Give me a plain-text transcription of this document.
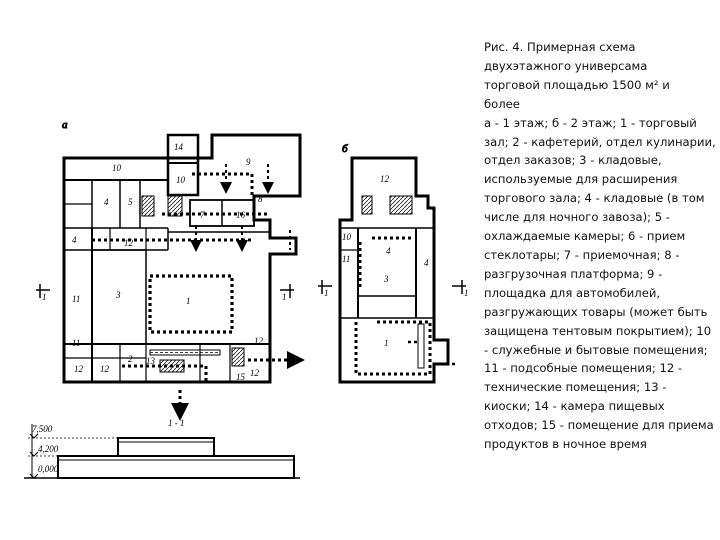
а
10
14
9
10
4 5
7	16
8
4	12
11	3
1
11	12
12 12
2 13
15 12
1	1
1 - 1
б
12
10
11
4
3
4
1
1	1
7,500
4,200
0,000
Рис. 4. Примерная схема
двухэтажного универсама
торговой площадью 1500 м² и
более
а - 1 этаж; б - 2 этаж; 1 - торговый зал; 2 - кафетерий, отдел кулинарии, отдел заказов; 3 - кладовые, используемые для расширения торгового зала; 4 - кладовые (в том числе для ночного завоза); 5 - охлаждаемые камеры; 6 - прием стеклотары; 7 - приемочная; 8 - разгрузочная платформа; 9 - площадка для автомобилей, разгружающих товары (может быть защищена тентовым покрытием); 10 - служебные и бытовые помещения; 11 - подсобные помещения; 12 - технические помещения; 13 - киоски; 14 - камера пищевых отходов; 15 - помещение для приема продуктов в ночное время
